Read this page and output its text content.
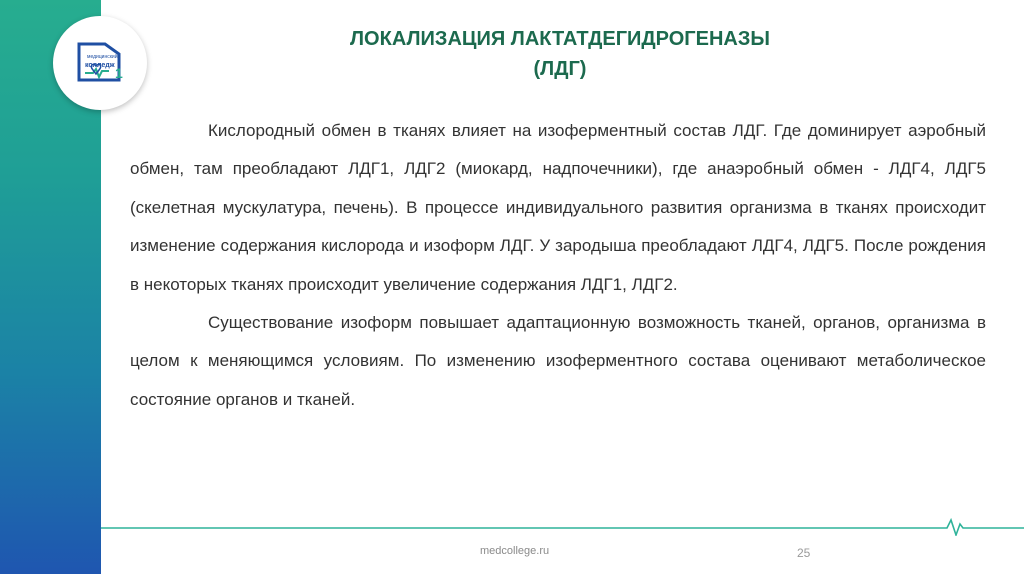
медицинский
колледж 1
ЛОКАЛИЗАЦИЯ ЛАКТАТДЕГИДРОГЕНАЗЫ
(ЛДГ)

Кислородный обмен в тканях влияет на изоферментный состав ЛДГ. Где доминирует аэробный обмен, там преобладают ЛДГ1, ЛДГ2 (миокард, надпочечники), где анаэробный обмен - ЛДГ4, ЛДГ5 (скелетная мускулатура, печень). В процессе индивидуального развития организма в тканях происходит изменение содержания кислорода и изоформ ЛДГ. У зародыша преобладают ЛДГ4, ЛДГ5. После рождения в некоторых тканях происходит увеличение содержания ЛДГ1, ЛДГ2.

Существование изоформ повышает адаптационную возможность тканей, органов, организма в целом к меняющимся условиям. По изменению изоферментного состава оценивают метаболическое состояние органов и тканей.

medcollege.ru	25
